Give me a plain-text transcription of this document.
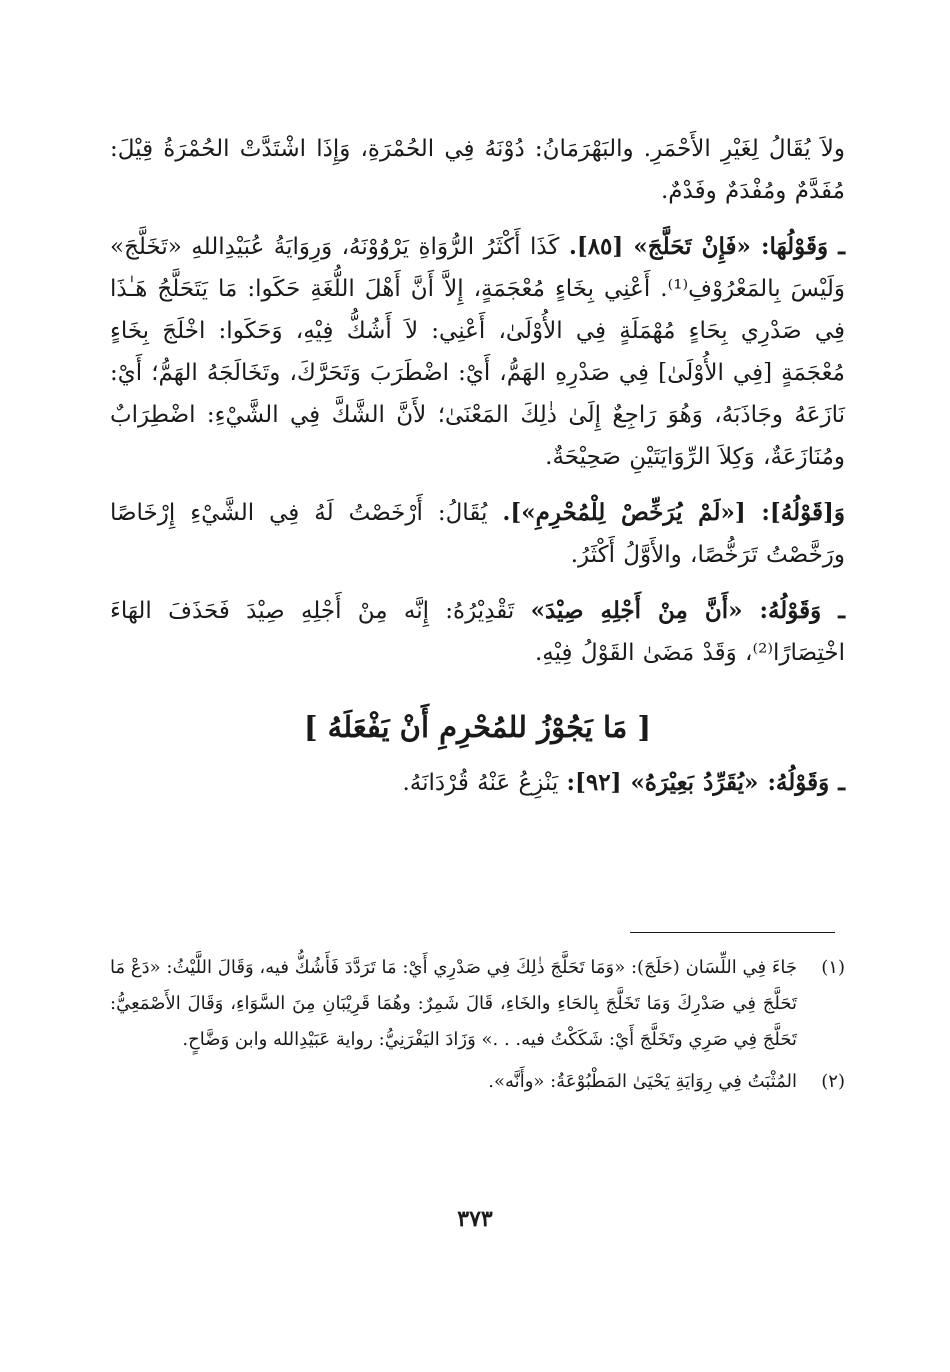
ولاَ يُقَالُ لِغَيْرِ الأَحْمَرِ. والبَهْرَمَانُ: دُوْنَهُ فِي الحُمْرَةِ، وَإِذَا اشْتَدَّتْ الحُمْرَةُ قِيْلَ: مُفَدَّمٌ ومُفْدَمٌ وفَدْمٌ.

ـ وَقَوْلُهَا: «فَإِنْ تَحَلَّجَ» [٨٥]. كَذَا أَكْثَرُ الرُّوَاةِ يَرْوُوْنَهُ، وَرِوَايَةُ عُبَيْدِاللهِ «تَخَلَّجَ» وَلَيْسَ بِالمَعْرُوْفِ⁽¹⁾. أَعْنِي بِخَاءٍ مُعْجَمَةٍ، إِلاَّ أَنَّ أَهْلَ اللُّغَةِ حَكَوا: مَا يَتَحَلَّجُ هَـٰذَا فِي صَدْرِي بِحَاءٍ مُهْمَلَةٍ فِي الأُوْلَىٰ، أَعْنِي: لاَ أَشُكُّ فِيْهِ، وَحَكَوا: اخْلَجَ بِخَاءٍ مُعْجَمَةٍ [فِي الأُوْلَىٰ] فِي صَدْرِهِ الهَمُّ، أَيْ: اضْطَرَبَ وَتَحَرَّكَ، وتَخَالَجَهُ الهَمُّ؛ أَيْ: نَازَعَهُ وجَاذَبَهُ، وَهُوَ رَاجِعٌ إِلَىٰ ذٰلِكَ المَعْنَىٰ؛ لأَنَّ الشَّكَّ فِي الشَّيْءِ: اضْطِرَابٌ ومُنَازَعَةٌ، وَكِلاَ الرِّوَايَتَيْنِ صَحِيْحَةٌ.

وَ[قَوْلُهُ]: [«لَمْ يُرَخِّصْ لِلْمُحْرِمِ»]. يُقَالُ: أَرْخَصْتُ لَهُ فِي الشَّيْءِ إِرْخَاصًا ورَخَّصْتُ تَرَخُّصًا، والأَوَّلُ أَكْثَرُ.

ـ وَقَوْلُهُ: «أَنَّ مِنْ أَجْلِهِ صِيْدَ» تَقْدِيْرُهُ: إِنَّه مِنْ أَجْلِهِ صِيْدَ فَحَذَفَ الهَاءَ اخْتِصَارًا⁽²⁾، وَقَدْ مَضَىٰ القَوْلُ فِيْهِ.

[ مَا يَجُوْزُ للمُحْرِمِ أَنْ يَفْعَلَهُ ]

ـ وَقَوْلُهُ: «يُقَرِّدُ بَعِيْرَهُ» [٩٢]: يَنْزِعُ عَنْهُ قُرْدَانَهُ.

(١)
جَاءَ فِي اللِّسَان (حَلَجَ): «وَمَا تَحَلَّجَ ذٰلِكَ فِي صَدْرِي أَيْ: مَا تَرَدَّدَ فَأَشُكُّ فيه، وَقَالَ اللَّيْثُ: «دَعْ مَا تَحَلَّجَ فِي صَدْرِكَ وَمَا تَخَلَّجَ بِالحَاءِ والخَاءِ، قَالَ شَمِرٌ: وهُمَا قَرِيْبَانِ مِنَ السَّوَاءِ، وَقَالَ الأَصْمَعِيُّ: تَحَلَّجَ فِي صَرِي وتَخَلَّجَ أَيْ: شَكَكْتُ فيه. . .» وَزَادَ اليَفْرَنِيُّ: رواية عَبَيْدِالله وابن وَضَّاحٍ.
(٢)
المُثْبَتُ فِي رِوَايَةِ يَحْيَىٰ المَطْبُوْعَةُ: «وأَنَّه».
٣٧٣
